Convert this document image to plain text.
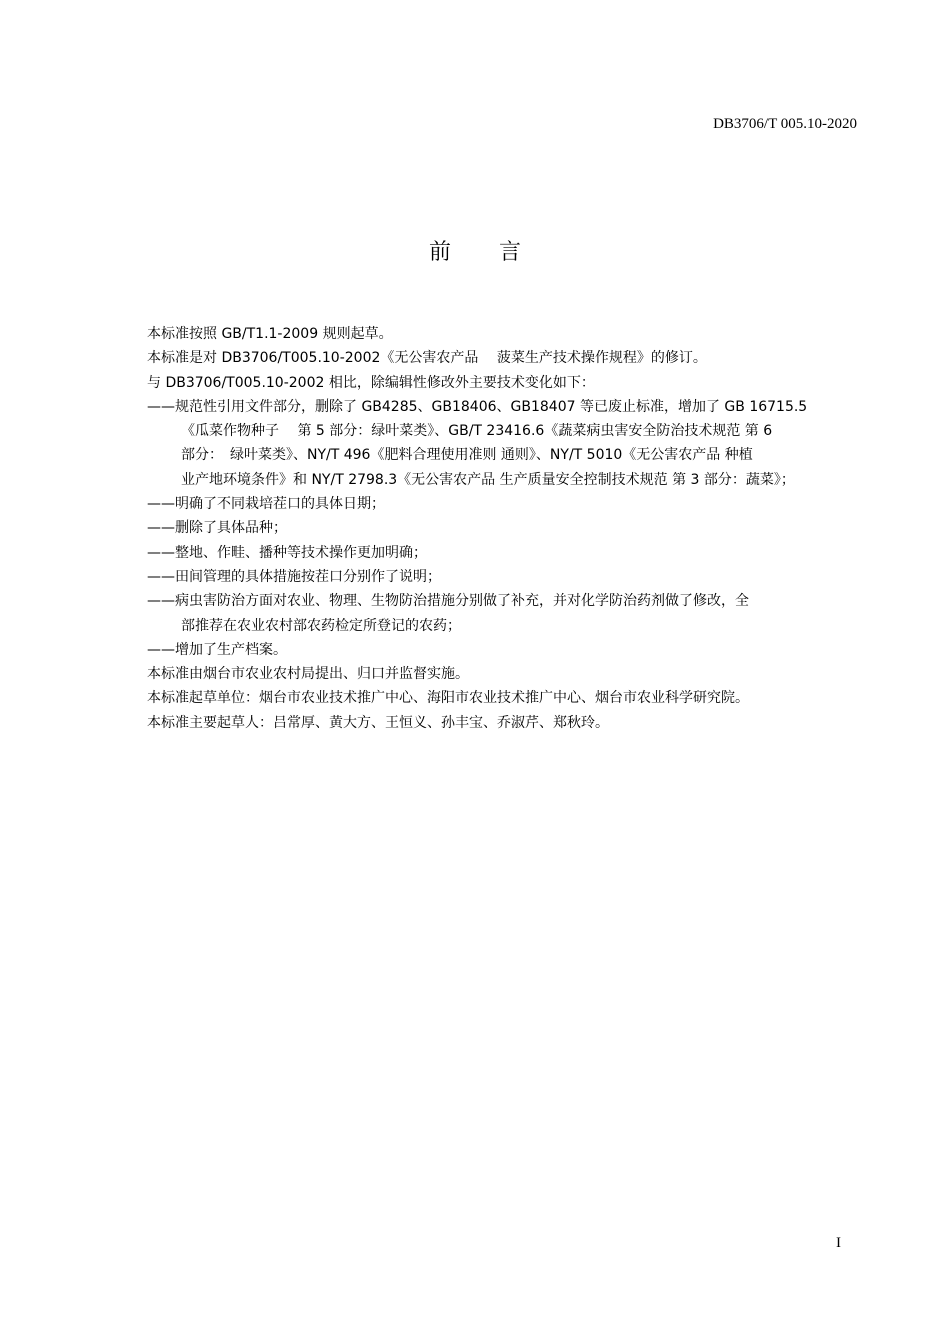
DB3706/T 005.10-2020
前 言
本标准按照 GB/T1.1-2009 规则起草。
本标准是对 DB3706/T005.10-2002《无公害农产品　 菠菜生产技术操作规程》的修订。
与 DB3706/T005.10-2002 相比，除编辑性修改外主要技术变化如下：
——规范性引用文件部分，删除了 GB4285、GB18406、GB18407 等已废止标准，增加了 GB 16715.5
《瓜菜作物种子　 第 5 部分：绿叶菜类》、GB/T 23416.6《蔬菜病虫害安全防治技术规范 第 6
部分：　绿叶菜类》、NY/T 496《肥料合理使用准则 通则》、NY/T 5010《无公害农产品 种植
业产地环境条件》和 NY/T 2798.3《无公害农产品 生产质量安全控制技术规范 第 3 部分：蔬菜》；
——明确了不同栽培茬口的具体日期；
——删除了具体品种；
——整地、作畦、播种等技术操作更加明确；
——田间管理的具体措施按茬口分别作了说明；
——病虫害防治方面对农业、物理、生物防治措施分别做了补充，并对化学防治药剂做了修改，全
部推荐在农业农村部农药检定所登记的农药；
——增加了生产档案。
本标准由烟台市农业农村局提出、归口并监督实施。
本标准起草单位：烟台市农业技术推广中心、海阳市农业技术推广中心、烟台市农业科学研究院。
本标准主要起草人：吕常厚、黄大方、王恒义、孙丰宝、乔淑芹、郑秋玲。
I
